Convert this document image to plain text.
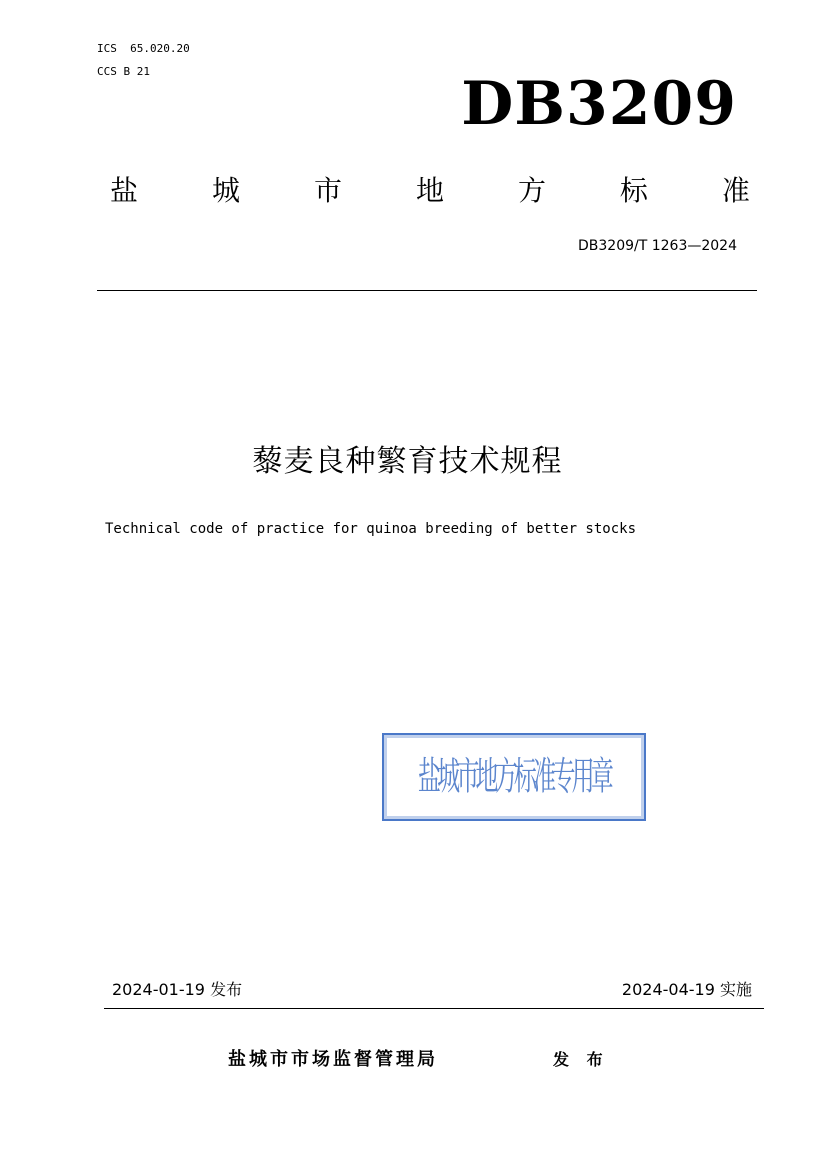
ICS  65.020.20

CCS B 21	DB3209
盐	城	市	地	方	标	准
DB3209/T 1263—2024
藜麦良种繁育技术规程

Technical code of practice for quinoa breeding of better stocks

盐城市地方标准专用章
2024-01-19 发布	2024-04-19 实施
盐城市市场监督管理局	发 布
